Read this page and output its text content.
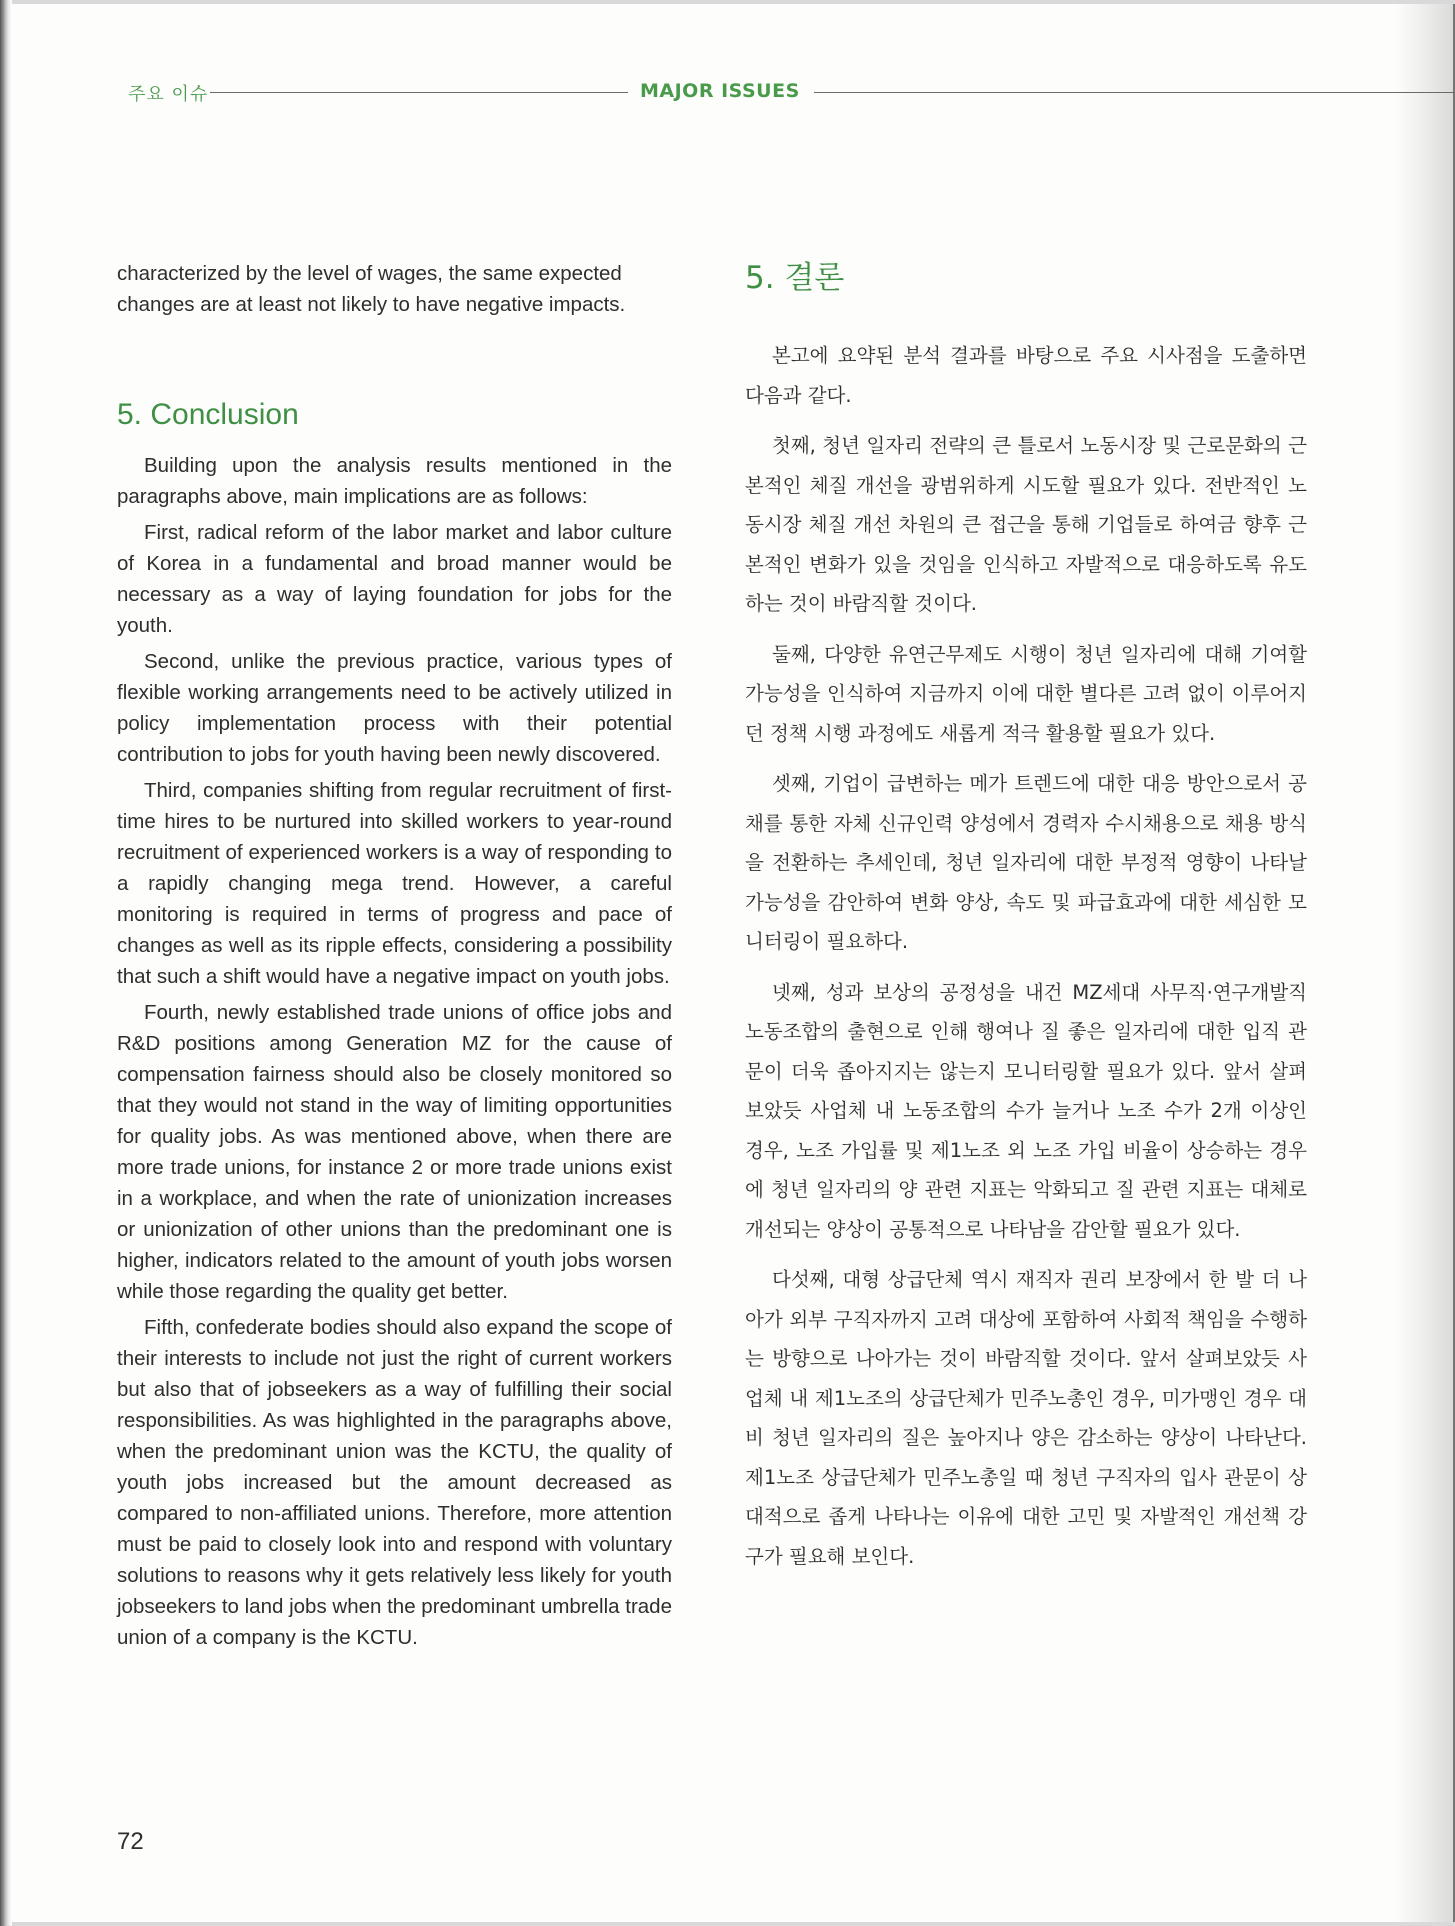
주요 이슈	MAJOR ISSUES

characterized by the level of wages, the same expected changes are at least not likely to have negative impacts.

5. Conclusion

Building upon the analysis results mentioned in the paragraphs above, main implications are as follows:

First, radical reform of the labor market and labor culture of Korea in a fundamental and broad manner would be necessary as a way of laying foundation for jobs for the youth.

Second, unlike the previous practice, various types of flexible working arrangements need to be actively utilized in policy implementation process with their potential contribution to jobs for youth having been newly discovered.

Third, companies shifting from regular recruitment of first-time hires to be nurtured into skilled workers to year-round recruitment of experienced workers is a way of responding to a rapidly changing mega trend. However, a careful monitoring is required in terms of progress and pace of changes as well as its ripple effects, considering a possibility that such a shift would have a negative impact on youth jobs.

Fourth, newly established trade unions of office jobs and R&D positions among Generation MZ for the cause of compensation fairness should also be closely monitored so that they would not stand in the way of limiting opportunities for quality jobs. As was mentioned above, when there are more trade unions, for instance 2 or more trade unions exist in a workplace, and when the rate of unionization increases or unionization of other unions than the predominant one is higher, indicators related to the amount of youth jobs worsen while those regarding the quality get better.

Fifth, confederate bodies should also expand the scope of their interests to include not just the right of current workers but also that of jobseekers as a way of fulfilling their social responsibilities. As was highlighted in the paragraphs above, when the predominant union was the KCTU, the quality of youth jobs increased but the amount decreased as compared to non-affiliated unions. Therefore, more attention must be paid to closely look into and respond with voluntary solutions to reasons why it gets relatively less likely for youth jobseekers to land jobs when the predominant umbrella trade union of a company is the KCTU.

5. 결론

본고에 요약된 분석 결과를 바탕으로 주요 시사점을 도출하면 다음과 같다.

첫째, 청년 일자리 전략의 큰 틀로서 노동시장 및 근로문화의 근본적인 체질 개선을 광범위하게 시도할 필요가 있다. 전반적인 노동시장 체질 개선 차원의 큰 접근을 통해 기업들로 하여금 향후 근본적인 변화가 있을 것임을 인식하고 자발적으로 대응하도록 유도하는 것이 바람직할 것이다.

둘째, 다양한 유연근무제도 시행이 청년 일자리에 대해 기여할 가능성을 인식하여 지금까지 이에 대한 별다른 고려 없이 이루어지던 정책 시행 과정에도 새롭게 적극 활용할 필요가 있다.

셋째, 기업이 급변하는 메가 트렌드에 대한 대응 방안으로서 공채를 통한 자체 신규인력 양성에서 경력자 수시채용으로 채용 방식을 전환하는 추세인데, 청년 일자리에 대한 부정적 영향이 나타날 가능성을 감안하여 변화 양상, 속도 및 파급효과에 대한 세심한 모니터링이 필요하다.

넷째, 성과 보상의 공정성을 내건 MZ세대 사무직·연구개발직 노동조합의 출현으로 인해 행여나 질 좋은 일자리에 대한 입직 관문이 더욱 좁아지지는 않는지 모니터링할 필요가 있다. 앞서 살펴보았듯 사업체 내 노동조합의 수가 늘거나 노조 수가 2개 이상인 경우, 노조 가입률 및 제1노조 외 노조 가입 비율이 상승하는 경우에 청년 일자리의 양 관련 지표는 악화되고 질 관련 지표는 대체로 개선되는 양상이 공통적으로 나타남을 감안할 필요가 있다.

다섯째, 대형 상급단체 역시 재직자 권리 보장에서 한 발 더 나아가 외부 구직자까지 고려 대상에 포함하여 사회적 책임을 수행하는 방향으로 나아가는 것이 바람직할 것이다. 앞서 살펴보았듯 사업체 내 제1노조의 상급단체가 민주노총인 경우, 미가맹인 경우 대비 청년 일자리의 질은 높아지나 양은 감소하는 양상이 나타난다. 제1노조 상급단체가 민주노총일 때 청년 구직자의 입사 관문이 상대적으로 좁게 나타나는 이유에 대한 고민 및 자발적인 개선책 강구가 필요해 보인다.

72
